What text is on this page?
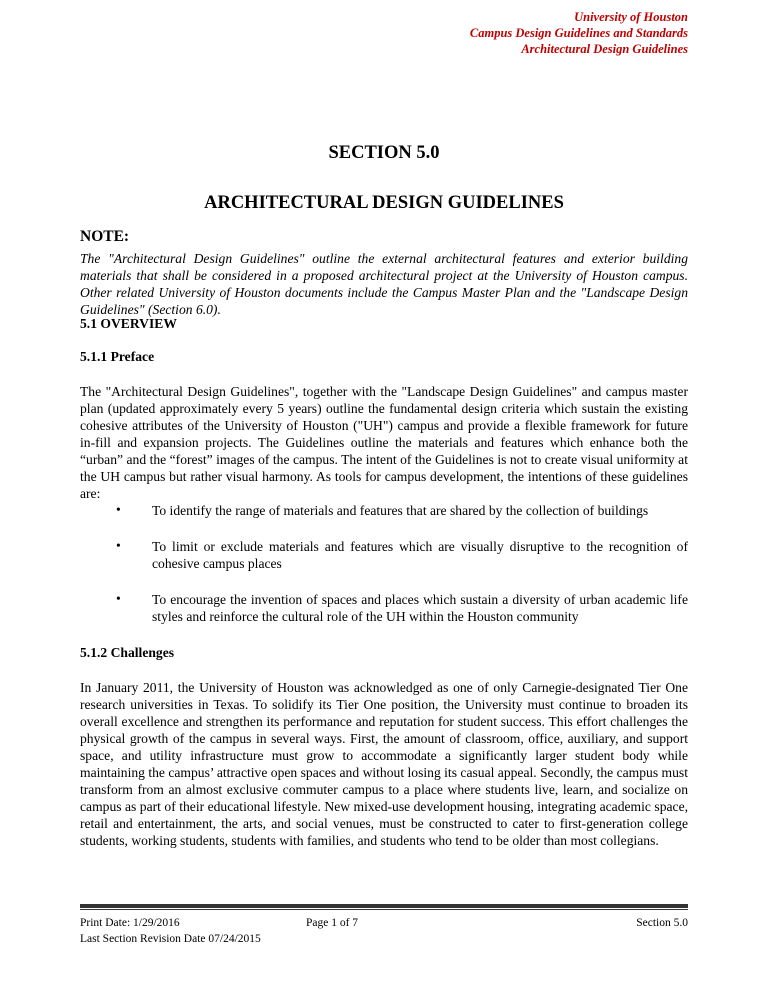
University of Houston
Campus Design Guidelines and Standards
Architectural Design Guidelines
SECTION 5.0
ARCHITECTURAL DESIGN GUIDELINES
NOTE:
The "Architectural Design Guidelines" outline the external architectural features and exterior building materials that shall be considered in a proposed architectural project at the University of Houston campus. Other related University of Houston documents include the Campus Master Plan and the "Landscape Design Guidelines" (Section 6.0).
5.1 OVERVIEW
5.1.1 Preface
The "Architectural Design Guidelines", together with the "Landscape Design Guidelines" and campus master plan (updated approximately every 5 years) outline the fundamental design criteria which sustain the existing cohesive attributes of the University of Houston ("UH") campus and provide a flexible framework for future in-fill and expansion projects. The Guidelines outline the materials and features which enhance both the “urban” and the “forest” images of the campus. The intent of the Guidelines is not to create visual uniformity at the UH campus but rather visual harmony. As tools for campus development, the intentions of these guidelines are:
• To identify the range of materials and features that are shared by the collection of buildings
• To limit or exclude materials and features which are visually disruptive to the recognition of cohesive campus places
• To encourage the invention of spaces and places which sustain a diversity of urban academic life styles and reinforce the cultural role of the UH within the Houston community
5.1.2 Challenges
In January 2011, the University of Houston was acknowledged as one of only Carnegie-designated Tier One research universities in Texas. To solidify its Tier One position, the University must continue to broaden its overall excellence and strengthen its performance and reputation for student success. This effort challenges the physical growth of the campus in several ways. First, the amount of classroom, office, auxiliary, and support space, and utility infrastructure must grow to accommodate a significantly larger student body while maintaining the campus’ attractive open spaces and without losing its casual appeal. Secondly, the campus must transform from an almost exclusive commuter campus to a place where students live, learn, and socialize on campus as part of their educational lifestyle. New mixed-use development housing, integrating academic space, retail and entertainment, the arts, and social venues, must be constructed to cater to first-generation college students, working students, students with families, and students who tend to be older than most collegians.
Print Date: 1/29/2016
Last Section Revision Date 07/24/2015
Page 1 of 7	Section 5.0
